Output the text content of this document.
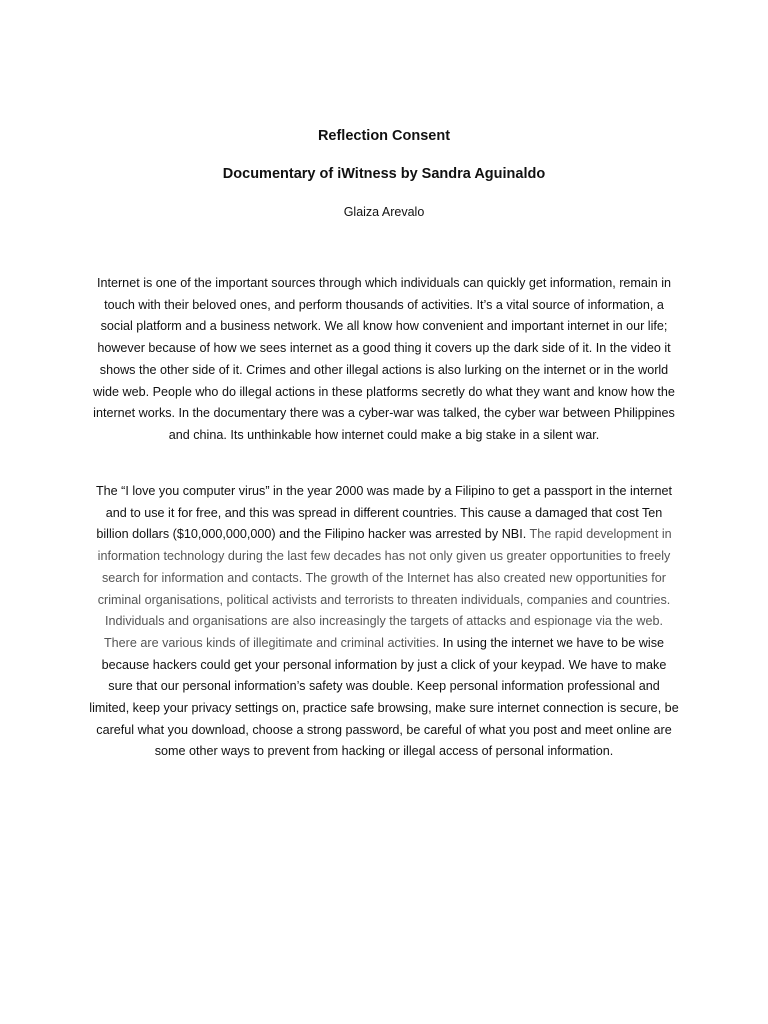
Reflection Consent
Documentary of iWitness by Sandra Aguinaldo

Glaiza Arevalo

Internet is one of the important sources through which individuals can quickly get information, remain in touch with their beloved ones, and perform thousands of activities. It’s a vital source of information, a social platform and a business network. We all know how convenient and important internet in our life; however because of how we sees internet as a good thing it covers up the dark side of it. In the video it shows the other side of it. Crimes and other illegal actions is also lurking on the internet or in the world wide web. People who do illegal actions in these platforms secretly do what they want and know how the internet works. In the documentary there was a cyber-war was talked, the cyber war between Philippines and china. Its unthinkable how internet could make a big stake in a silent war.

The “I love you computer virus” in the year 2000 was made by a Filipino to get a passport in the internet and to use it for free, and this was spread in different countries. This cause a damaged that cost Ten billion dollars ($10,000,000,000) and the Filipino hacker was arrested by NBI. The rapid development in information technology during the last few decades has not only given us greater opportunities to freely search for information and contacts. The growth of the Internet has also created new opportunities for criminal organisations, political activists and terrorists to threaten individuals, companies and countries. Individuals and organisations are also increasingly the targets of attacks and espionage via the web. There are various kinds of illegitimate and criminal activities. In using the internet we have to be wise because hackers could get your personal information by just a click of your keypad. We have to make sure that our personal information’s safety was double. Keep personal information professional and limited, keep your privacy settings on, practice safe browsing, make sure internet connection is secure, be careful what you download, choose a strong password, be careful of what you post and meet online are some other ways to prevent from hacking or illegal access of personal information.
